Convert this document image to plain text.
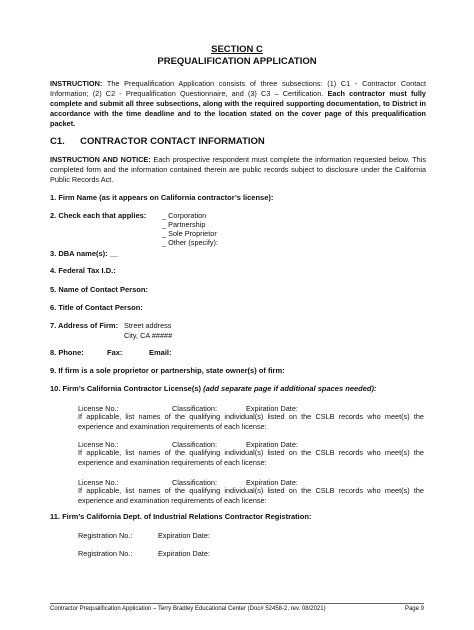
SECTION C
PREQUALIFICATION APPLICATION
INSTRUCTION: The Prequalification Application consists of three subsections: (1) C1 - Contractor Contact Information; (2) C2 - Prequalification Questionnaire, and (3) C3 – Certification. Each contractor must fully complete and submit all three subsections, along with the required supporting documentation, to District in accordance with the time deadline and to the location stated on the cover page of this prequalification packet.
C1. CONTRACTOR CONTACT INFORMATION
INSTRUCTION AND NOTICE: Each prospective respondent must complete the information requested below. This completed form and the information contained therein are public records subject to disclosure under the California Public Records Act.
1. Firm Name (as it appears on California contractor’s license):
2. Check each that applies: _ Corporation
_ Partnership
_ Sole Proprietor
_ Other (specify):
3. DBA name(s): __
4. Federal Tax I.D.:
5. Name of Contact Person:
6. Title of Contact Person:
7. Address of Firm: Street address
City, CA #####
8. Phone:	Fax:	Email:
9. If firm is a sole proprietor or partnership, state owner(s) of firm:
10. Firm’s California Contractor License(s) (add separate page if additional spaces needed):
License No.:	Classification:	Expiration Date:
If applicable, list names of the qualifying individual(s) listed on the CSLB records who meet(s) the experience and examination requirements of each license:
License No.:	Classification:	Expiration Date:
If applicable, list names of the qualifying individual(s) listed on the CSLB records who meet(s) the experience and examination requirements of each license:
License No.:	Classification:	Expiration Date:
If applicable, list names of the qualifying individual(s) listed on the CSLB records who meet(s) the experience and examination requirements of each license:
11. Firm’s California Dept. of Industrial Relations Contractor Registration:
Registration No.:	Expiration Date:
Registration No.:	Expiration Date:
Contractor Prequalification Application – Terry Bradley Educational Center (Doc# 52458-2, rev. 08/2021)	Page 9
